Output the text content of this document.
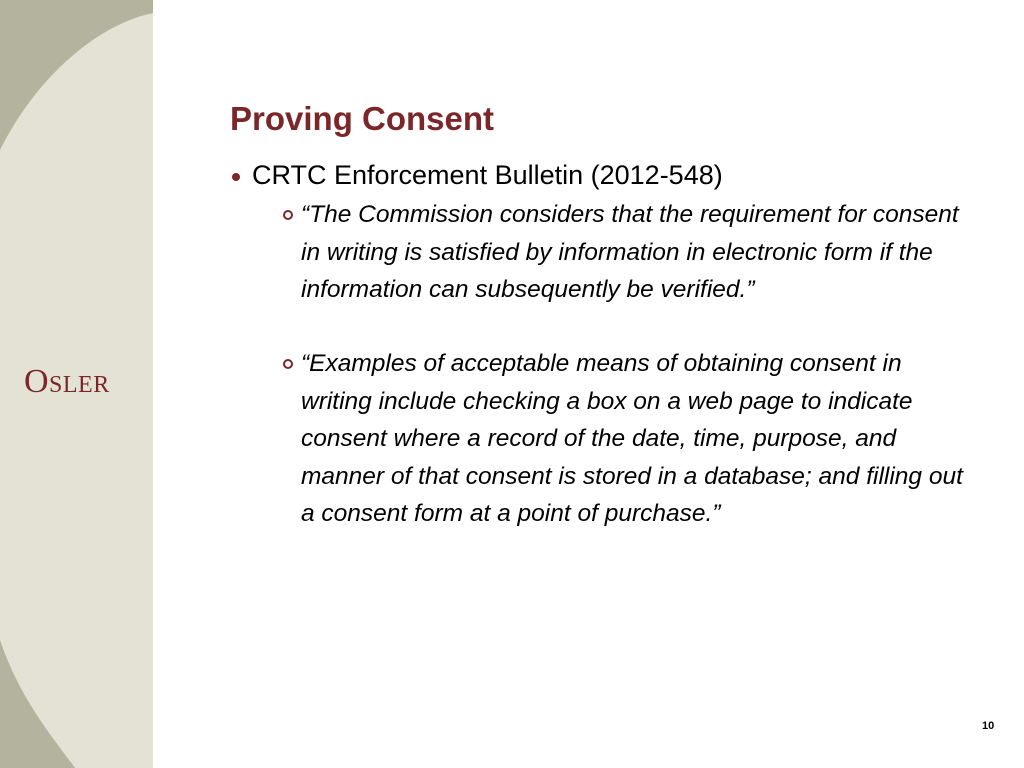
Osler
Proving Consent
CRTC Enforcement Bulletin (2012-548)
“The Commission considers that the requirement for consent in writing is satisfied by information in electronic form if the information can subsequently be verified.”
“Examples of acceptable means of obtaining consent in writing include checking a box on a web page to indicate consent where a record of the date, time, purpose, and manner of that consent is stored in a database; and filling out a consent form at a point of purchase.”
10
